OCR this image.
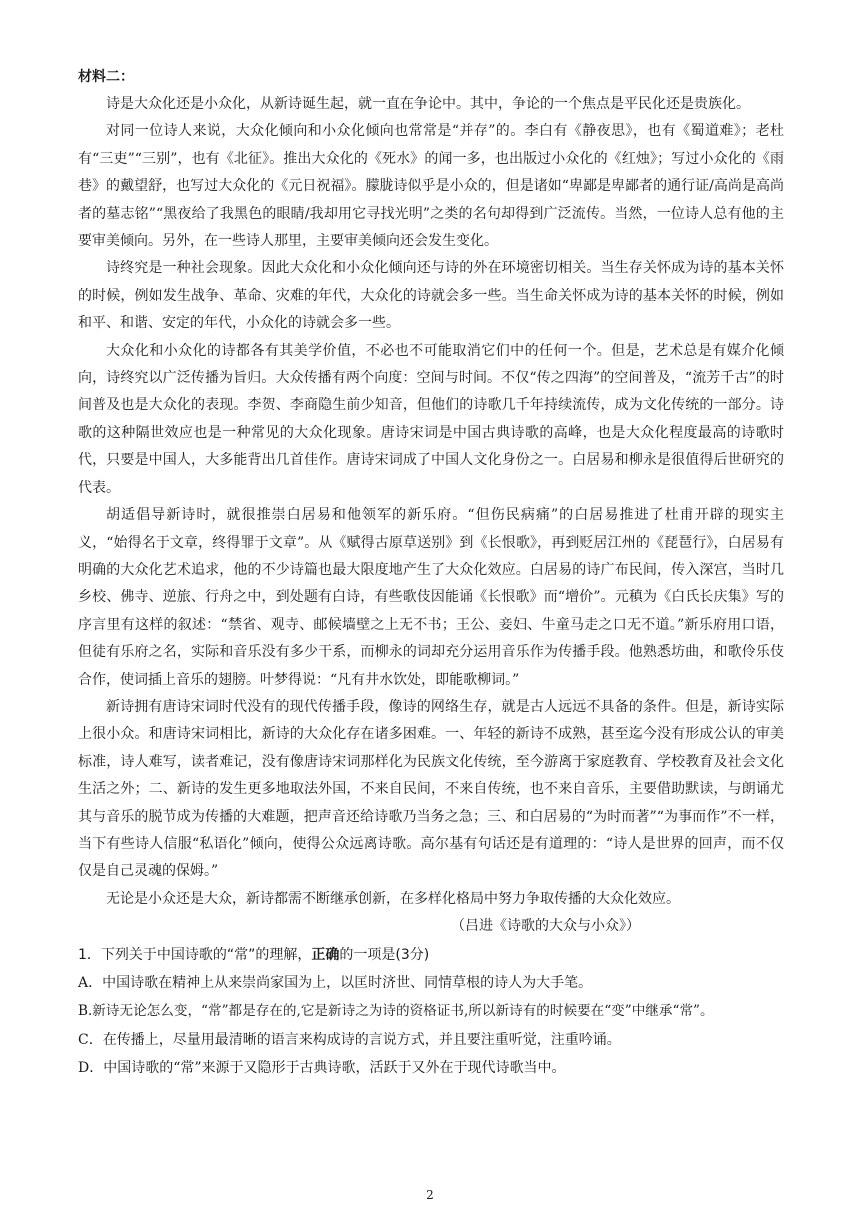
材料二：

诗是大众化还是小众化，从新诗诞生起，就一直在争论中。其中，争论的一个焦点是平民化还是贵族化。

对同一位诗人来说，大众化倾向和小众化倾向也常常是“并存”的。李白有《静夜思》，也有《蜀道难》；老杜有“三吏”“三别”，也有《北征》。推出大众化的《死水》的闻一多，也出版过小众化的《红烛》；写过小众化的《雨巷》的戴望舒，也写过大众化的《元日祝福》。朦胧诗似乎是小众的，但是诸如“卑鄙是卑鄙者的通行证/高尚是高尚者的墓志铭”“黑夜给了我黑色的眼睛/我却用它寻找光明”之类的名句却得到广泛流传。当然，一位诗人总有他的主要审美倾向。另外，在一些诗人那里，主要审美倾向还会发生变化。

诗终究是一种社会现象。因此大众化和小众化倾向还与诗的外在环境密切相关。当生存关怀成为诗的基本关怀的时候，例如发生战争、革命、灾难的年代，大众化的诗就会多一些。当生命关怀成为诗的基本关怀的时候，例如和平、和谐、安定的年代，小众化的诗就会多一些。

大众化和小众化的诗都各有其美学价值，不必也不可能取消它们中的任何一个。但是，艺术总是有媒介化倾向，诗终究以广泛传播为旨归。大众传播有两个向度：空间与时间。不仅“传之四海”的空间普及，“流芳千古”的时间普及也是大众化的表现。李贺、李商隐生前少知音，但他们的诗歌几千年持续流传，成为文化传统的一部分。诗歌的这种隔世效应也是一种常见的大众化现象。唐诗宋词是中国古典诗歌的高峰，也是大众化程度最高的诗歌时代，只要是中国人，大多能背出几首佳作。唐诗宋词成了中国人文化身份之一。白居易和柳永是很值得后世研究的代表。

胡适倡导新诗时，就很推崇白居易和他领军的新乐府。“但伤民病痛”的白居易推进了杜甫开辟的现实主义，“始得名于文章，终得罪于文章”。从《赋得古原草送别》到《长恨歌》，再到贬居江州的《琵琶行》，白居易有明确的大众化艺术追求，他的不少诗篇也最大限度地产生了大众化效应。白居易的诗广布民间，传入深宫，当时几乡校、佛寺、逆旅、行舟之中，到处题有白诗，有些歌伎因能诵《长恨歌》而“增价”。元稹为《白氏长庆集》写的序言里有这样的叙述：“禁省、观寺、邮候墙壁之上无不书；王公、妾妇、牛童马走之口无不道。”新乐府用口语，但徒有乐府之名，实际和音乐没有多少干系，而柳永的词却充分运用音乐作为传播手段。他熟悉坊曲，和歌伶乐伎合作，使词插上音乐的翅膀。叶梦得说：“凡有井水饮处，即能歌柳词。”

新诗拥有唐诗宋词时代没有的现代传播手段，像诗的网络生存，就是古人远远不具备的条件。但是，新诗实际上很小众。和唐诗宋词相比，新诗的大众化存在诸多困难。一、年轻的新诗不成熟，甚至迄今没有形成公认的审美标准，诗人难写，读者难记，没有像唐诗宋词那样化为民族文化传统，至今游离于家庭教育、学校教育及社会文化生活之外；二、新诗的发生更多地取法外国，不来自民间，不来自传统，也不来自音乐，主要借助默读，与朗诵尤其与音乐的脱节成为传播的大难题，把声音还给诗歌乃当务之急；三、和白居易的“为时而著”“为事而作”不一样，当下有些诗人信服“私语化”倾向，使得公众远离诗歌。高尔基有句话还是有道理的：“诗人是世界的回声，而不仅仅是自己灵魂的保姆。”

无论是小众还是大众，新诗都需不断继承创新，在多样化格局中努力争取传播的大众化效应。

（吕进《诗歌的大众与小众》）

1．下列关于中国诗歌的“常”的理解，正确的一项是(3分)

A．中国诗歌在精神上从来崇尚家国为上，以匡时济世、同情草根的诗人为大手笔。

B.新诗无论怎么变，“常”都是存在的,它是新诗之为诗的资格证书,所以新诗有的时候要在“变”中继承“常”。

C．在传播上，尽量用最清晰的语言来构成诗的言说方式，并且要注重听觉，注重吟诵。

D．中国诗歌的“常”来源于又隐形于古典诗歌，活跃于又外在于现代诗歌当中。

2
